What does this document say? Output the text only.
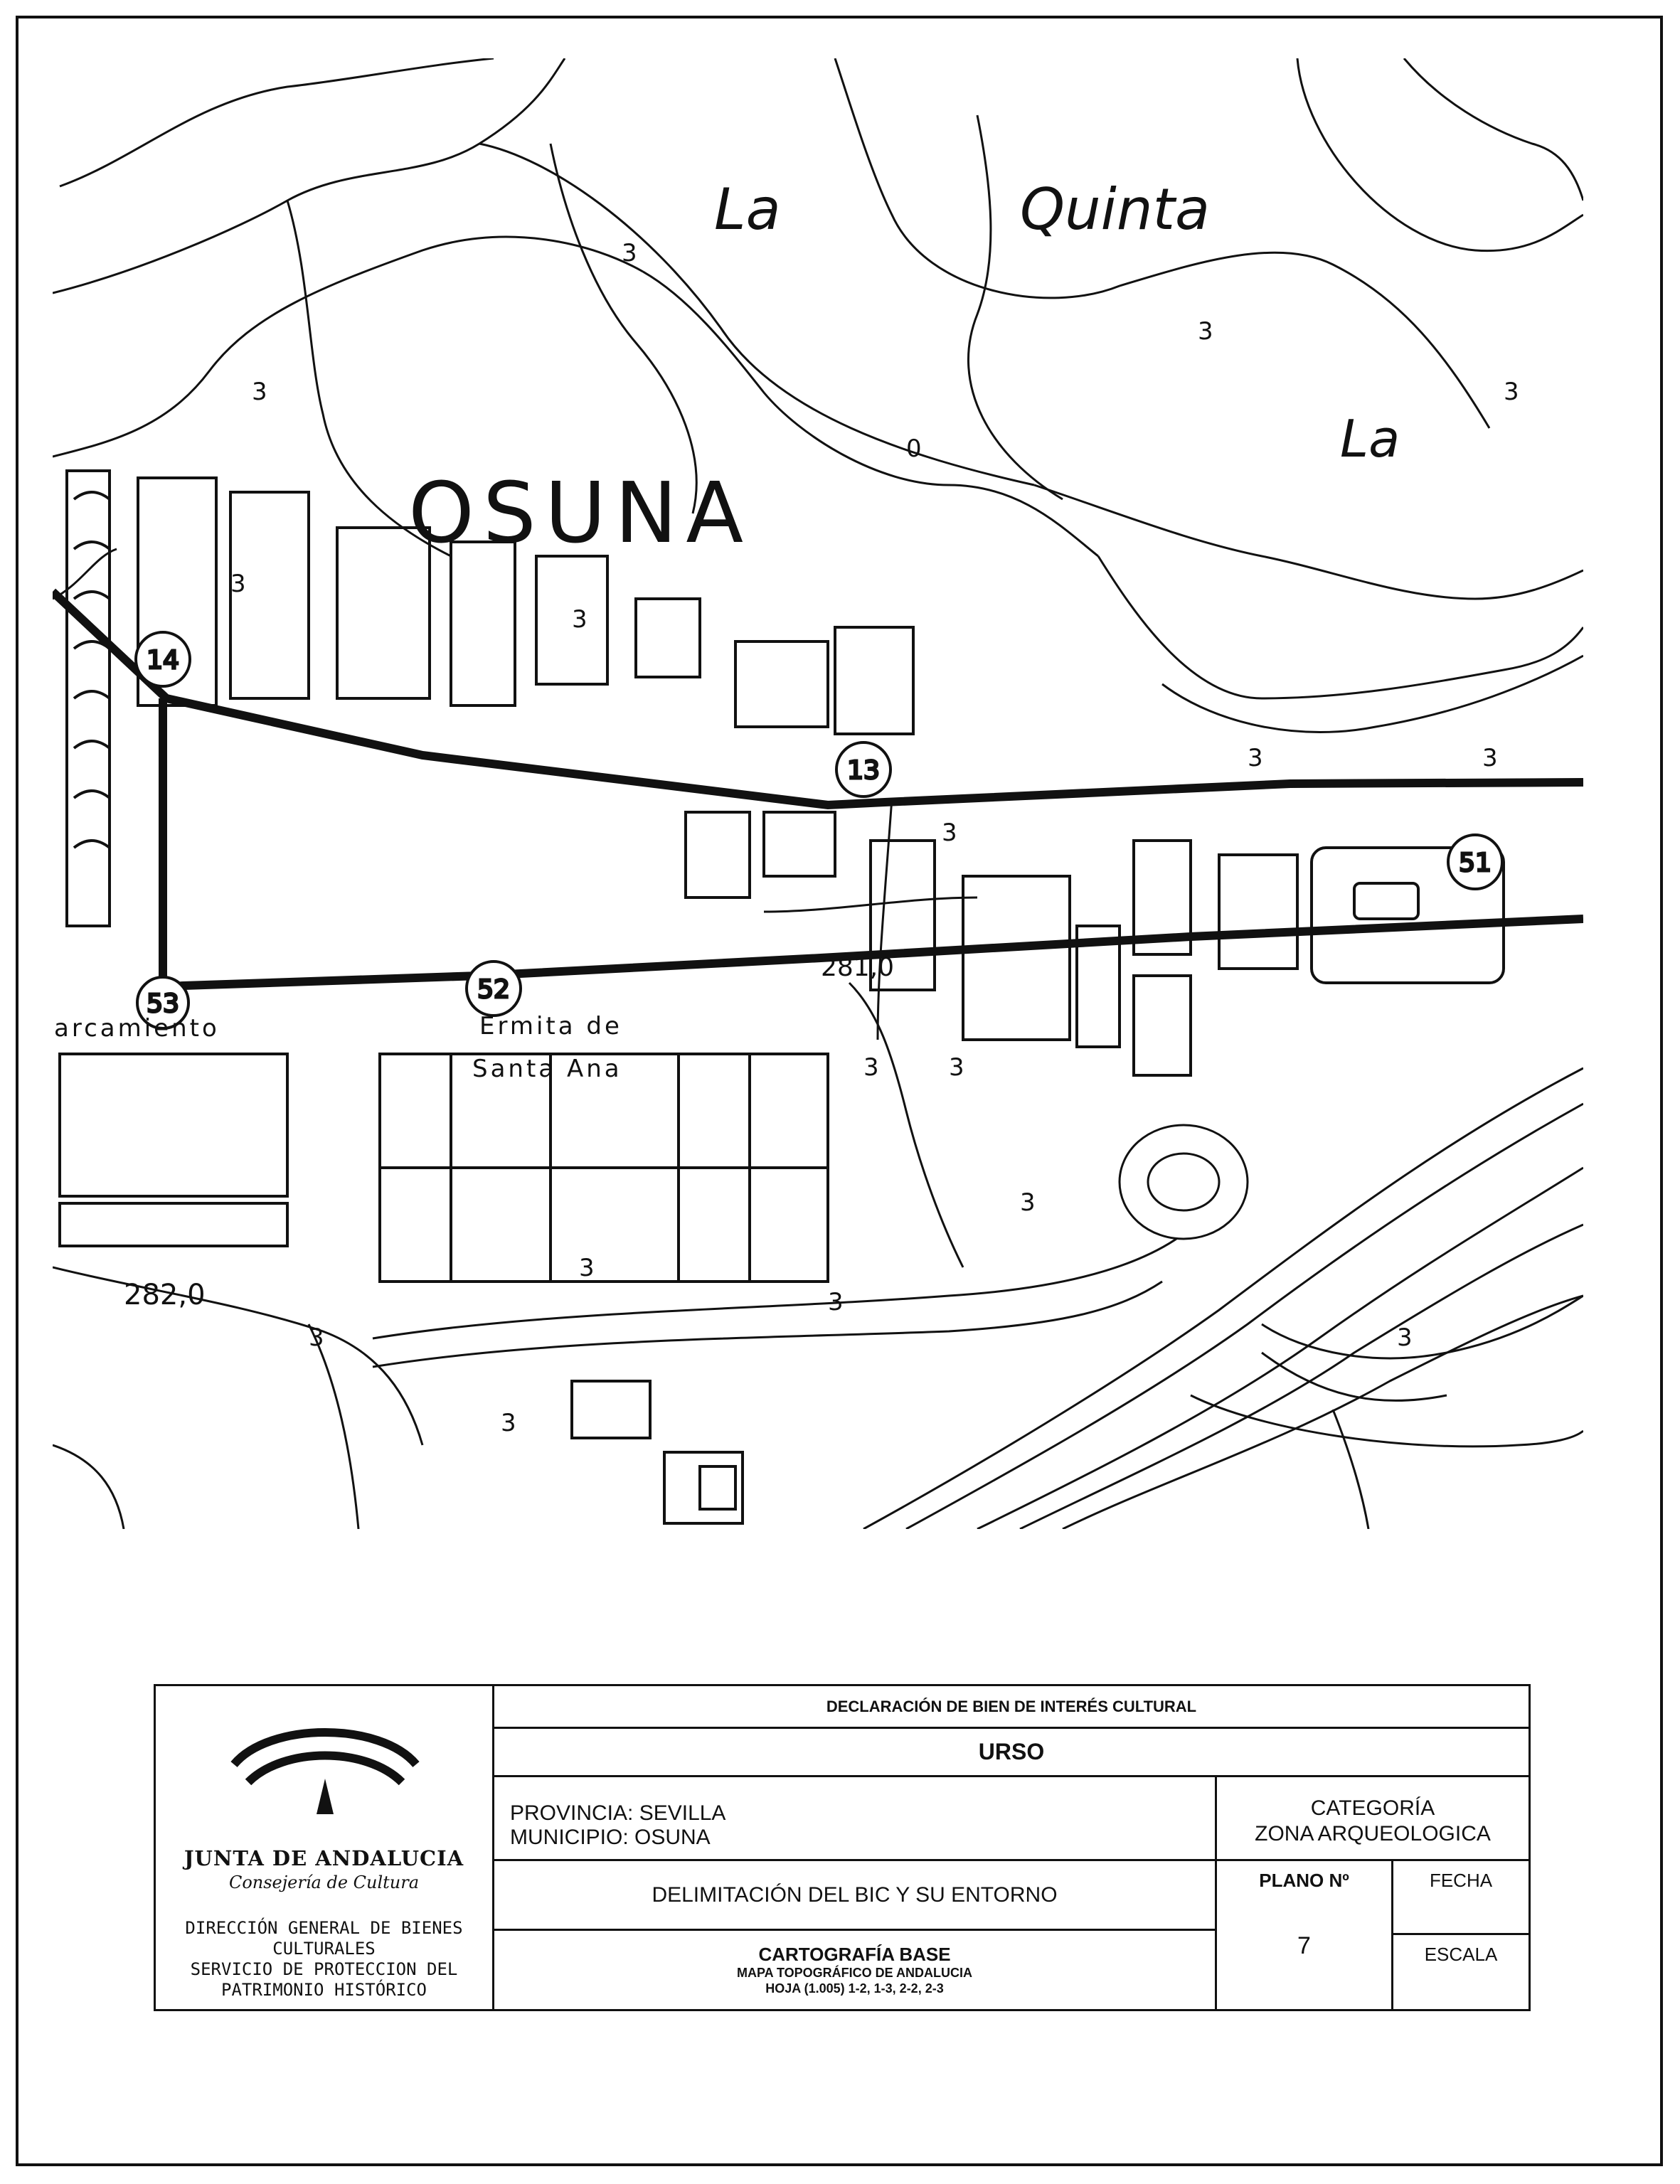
14
13
51
52
53
La	Quinta
La
OSUNA
arcamiento	Ermita de
Santa Ana
282,0
281,0
3
3
3
3
3
3
0
3	3
3
3	3
3
3
3
3	3
3
JUNTA DE ANDALUCIA
Consejería de Cultura
DIRECCIÓN GENERAL DE BIENES
CULTURALES
SERVICIO DE PROTECCION DEL
PATRIMONIO HISTÓRICO
DECLARACIÓN DE BIEN DE INTERÉS CULTURAL
URSO
PROVINCIA: SEVILLA
MUNICIPIO: OSUNA
CATEGORÍA
ZONA ARQUEOLOGICA
DELIMITACIÓN DEL BIC Y SU ENTORNO
CARTOGRAFÍA BASE
MAPA TOPOGRÁFICO DE ANDALUCIA
HOJA (1.005) 1-2, 1-3, 2-2, 2-3
PLANO Nº
7
FECHA
ESCALA
